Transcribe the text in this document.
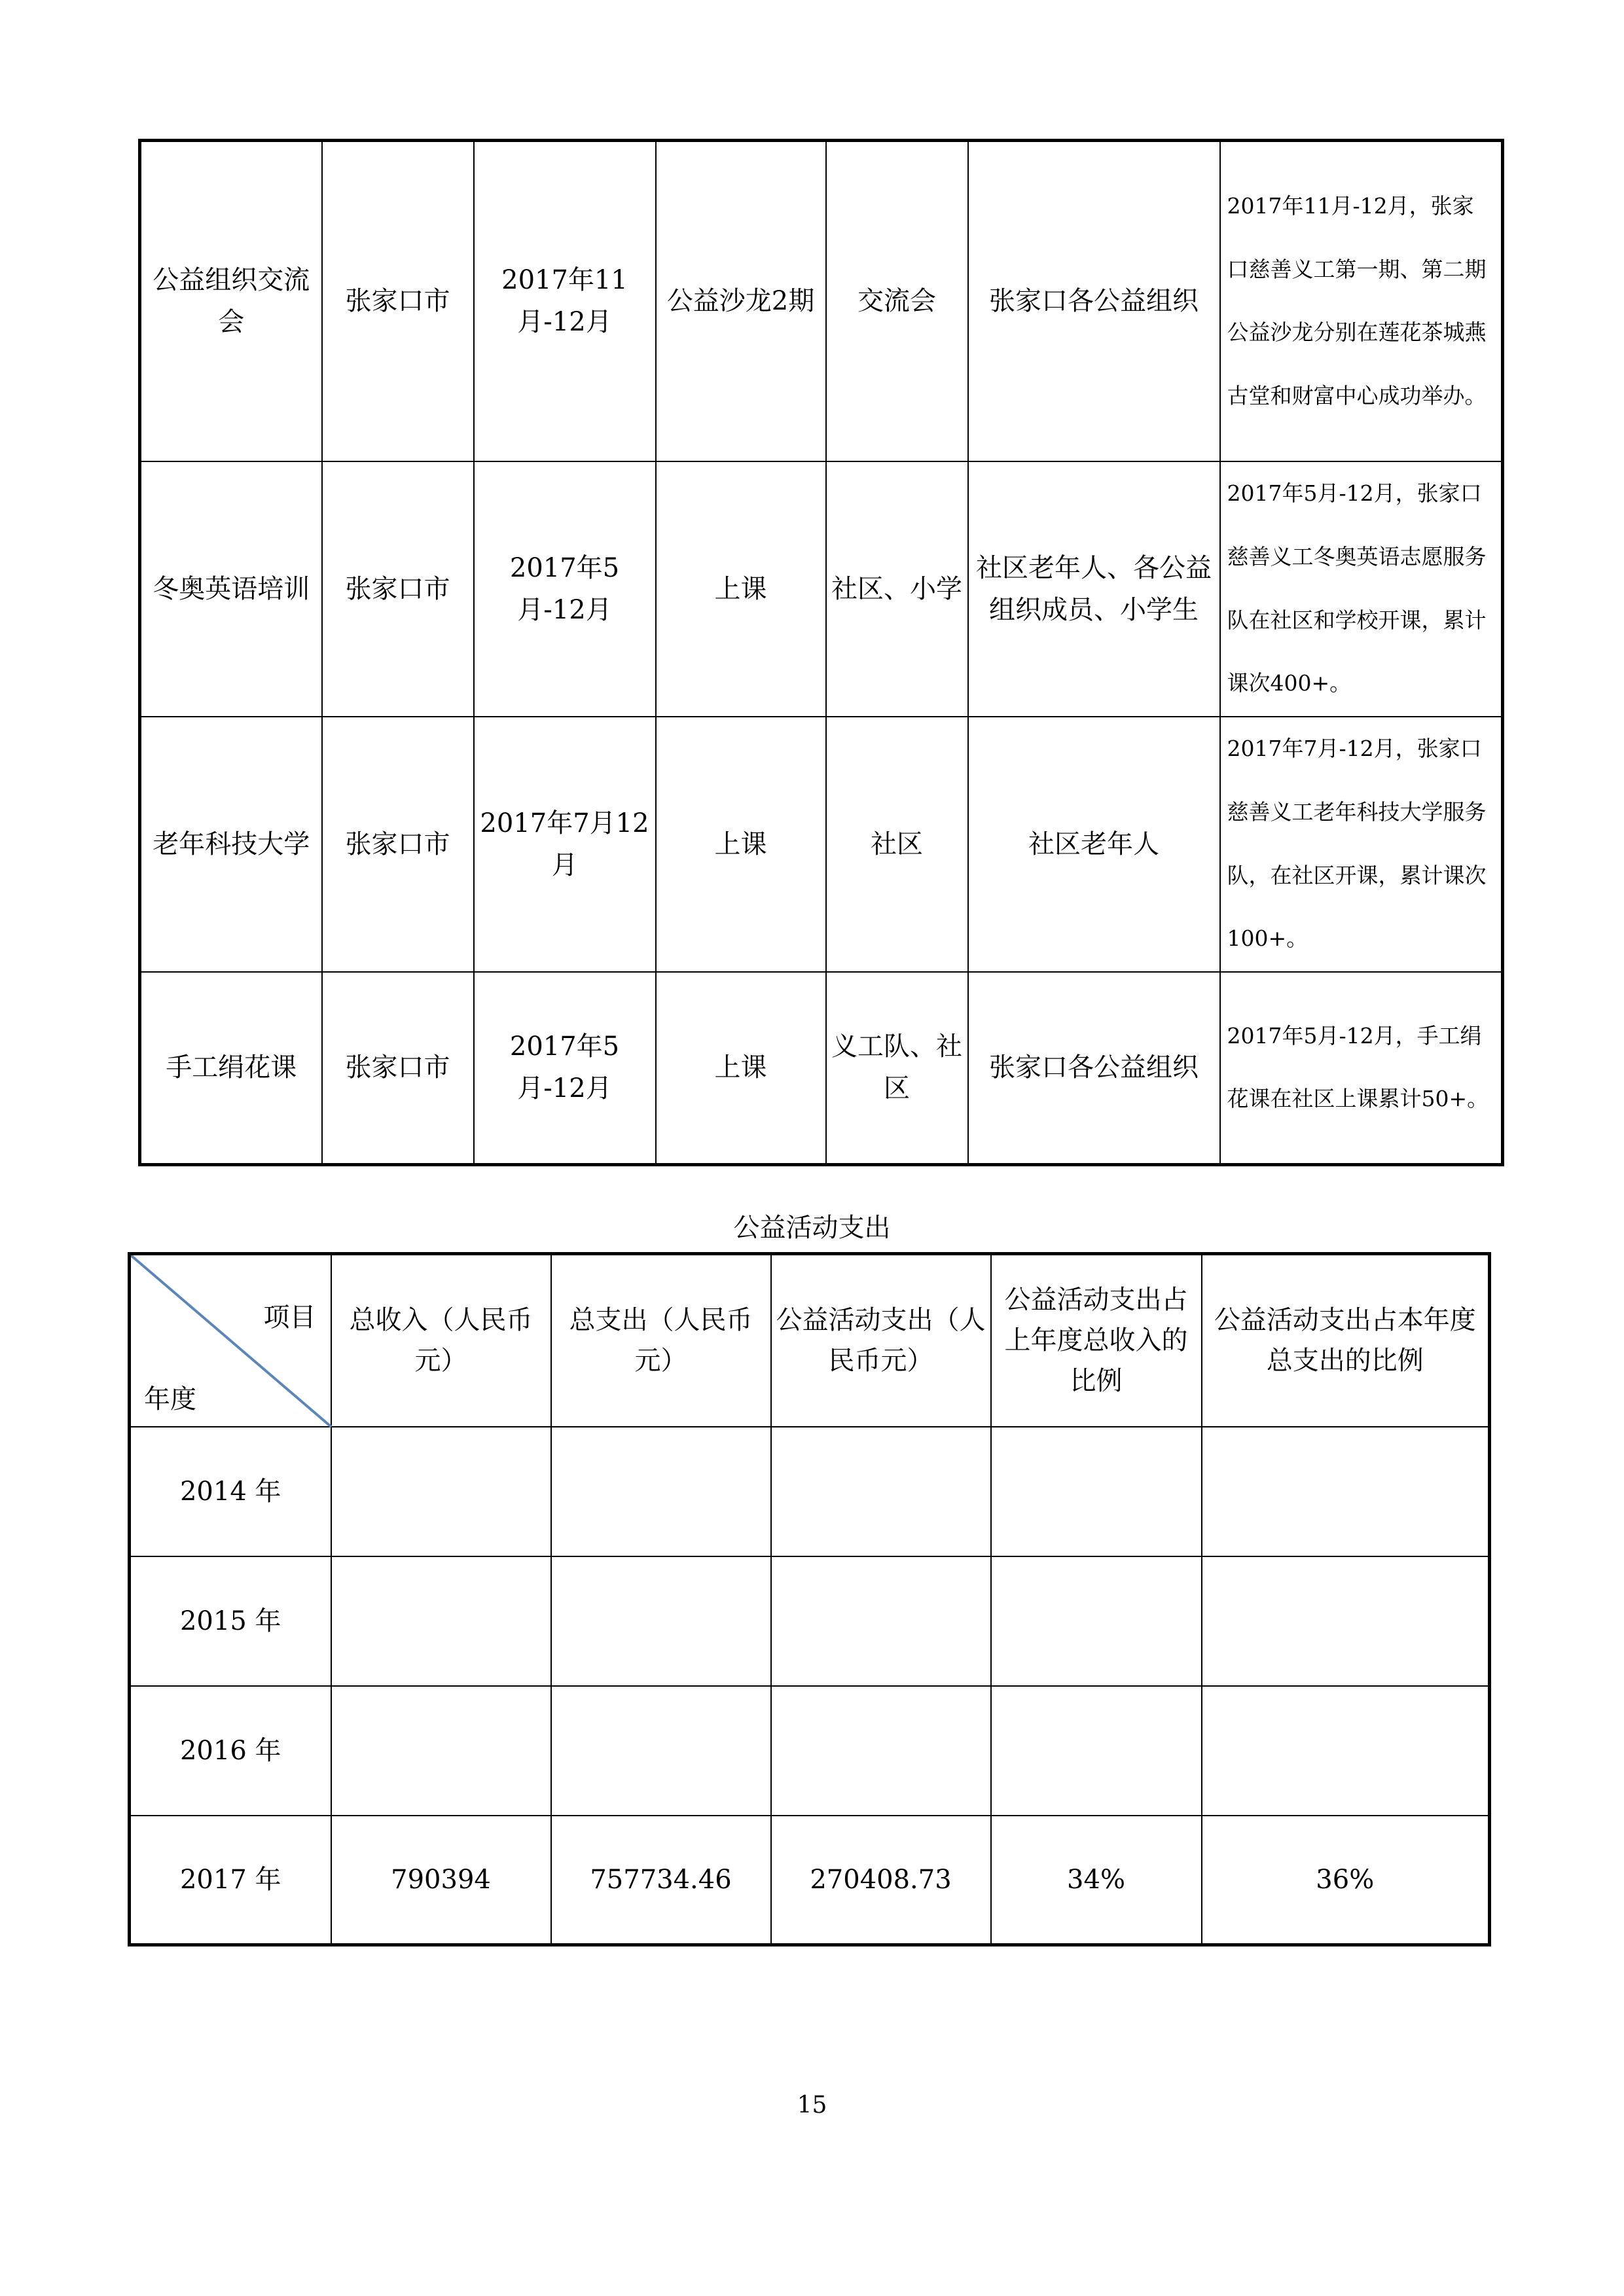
公益组织交流会	张家口市	2017年11月-12月	公益沙龙2期	交流会	张家口各公益组织	2017年11月-12月，张家口慈善义工第一期、第二期公益沙龙分别在莲花茶城燕古堂和财富中心成功举办。
冬奥英语培训	张家口市	2017年5月-12月	上课	社区、小学	社区老年人、各公益组织成员、小学生	2017年5月-12月，张家口慈善义工冬奥英语志愿服务队在社区和学校开课，累计课次400+。
老年科技大学	张家口市	2017年7月12月	上课	社区	社区老年人	2017年7月-12月，张家口慈善义工老年科技大学服务队，在社区开课，累计课次100+。
手工绢花课	张家口市	2017年5月-12月	上课	义工队、社区	张家口各公益组织	2017年5月-12月，手工绢花课在社区上课累计50+。
公益活动支出
项目
年度	总收入（人民币元）	总支出（人民币元）	公益活动支出（人民币元）	公益活动支出占上年度总收入的比例	公益活动支出占本年度总支出的比例
2014 年					
2015 年					
2016 年					
2017 年	790394	757734.46	270408.73	34%	36%
15
